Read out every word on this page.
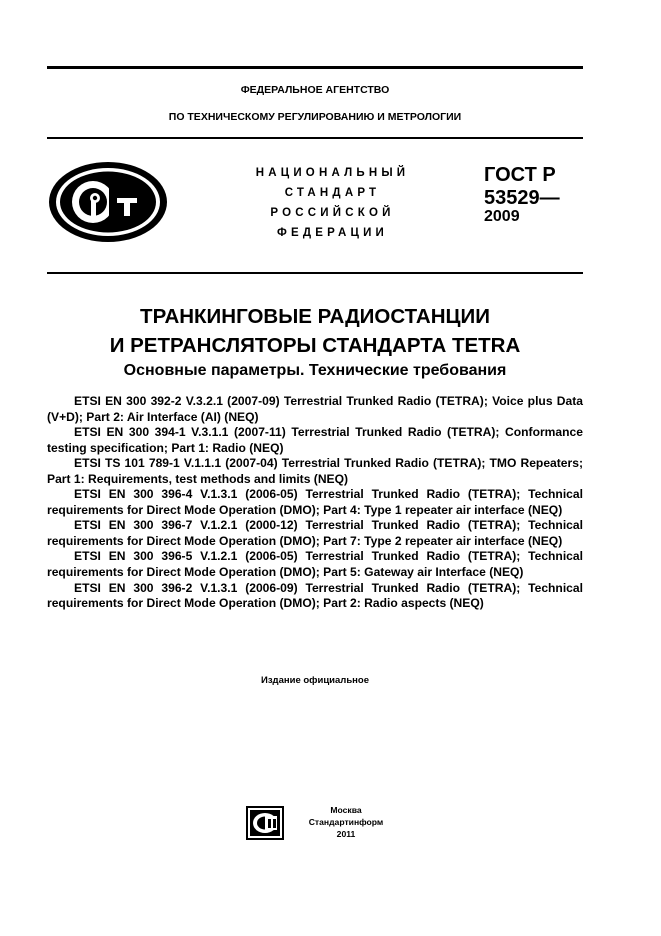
ФЕДЕРАЛЬНОЕ АГЕНТСТВО
ПО ТЕХНИЧЕСКОМУ РЕГУЛИРОВАНИЮ И МЕТРОЛОГИИ
НАЦИОНАЛЬНЫЙ
СТАНДАРТ
РОССИЙСКОЙ
ФЕДЕРАЦИИ
ГОСТ Р
53529—
2009
ТРАНКИНГОВЫЕ РАДИОСТАНЦИИ
И РЕТРАНСЛЯТОРЫ СТАНДАРТА TETRA
Основные параметры. Технические требования

ETSI EN 300 392-2 V.3.2.1 (2007-09) Terrestrial Trunked Radio (TETRA); Voice plus Data (V+D); Part 2: Air Interface (AI) (NEQ)

ETSI EN 300 394-1 V.3.1.1 (2007-11) Terrestrial Trunked Radio (TETRA); Conformance testing specification; Part 1: Radio (NEQ)

ETSI TS 101 789-1 V.1.1.1 (2007-04) Terrestrial Trunked Radio (TETRA); TMO Repeaters; Part 1: Requirements, test methods and limits (NEQ)

ETSI EN 300 396-4 V.1.3.1 (2006-05) Terrestrial Trunked Radio (TETRA); Technical requirements for Direct Mode Operation (DMO); Part 4: Type 1 repeater air interface (NEQ)

ETSI EN 300 396-7 V.1.2.1 (2000-12) Terrestrial Trunked Radio (TETRA); Technical requirements for Direct Mode Operation (DMO); Part 7: Type 2 repeater air interface (NEQ)

ETSI EN 300 396-5 V.1.2.1 (2006-05) Terrestrial Trunked Radio (TETRA); Technical requirements for Direct Mode Operation (DMO); Part 5: Gateway air Interface (NEQ)

ETSI EN 300 396-2 V.1.3.1 (2006-09) Terrestrial Trunked Radio (TETRA); Technical requirements for Direct Mode Operation (DMO); Part 2: Radio aspects (NEQ)

Издание официальное
Москва
Стандартинформ
2011
